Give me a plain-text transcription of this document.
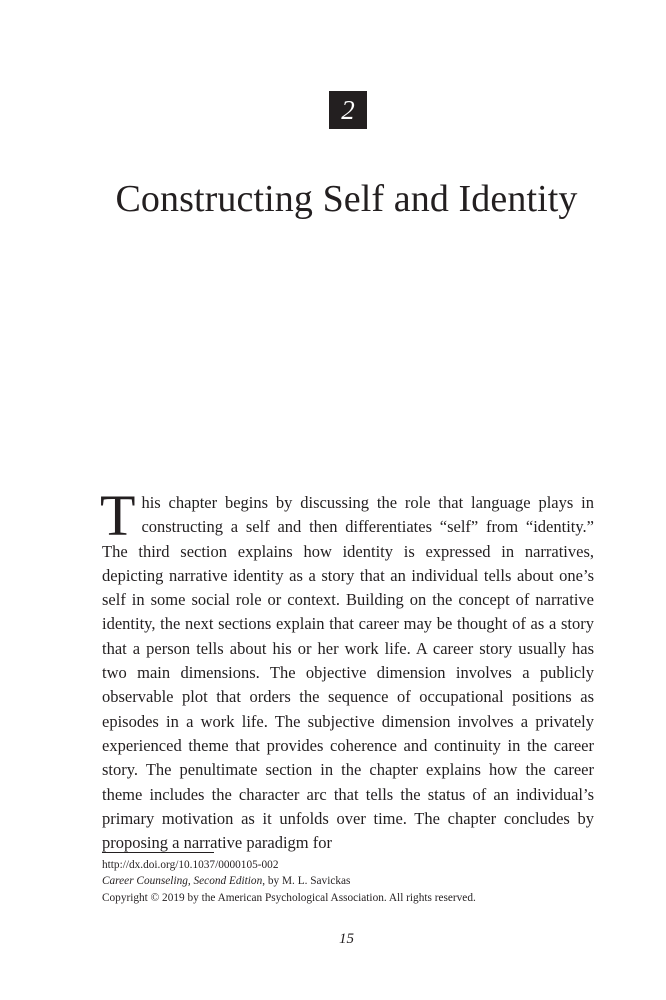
2
Constructing Self and Identity

This chapter begins by discussing the role that language plays in constructing a self and then differentiates “self” from “identity.” The third section explains how identity is expressed in narratives, depicting narrative identity as a story that an individual tells about one’s self in some social role or context. Building on the concept of narrative identity, the next sections explain that career may be thought of as a story that a person tells about his or her work life. A career story usually has two main dimensions. The objective dimension involves a publicly observable plot that orders the sequence of occupational positions as episodes in a work life. The subjective dimension involves a privately experienced theme that provides coherence and continuity in the career story. The penultimate section in the chapter explains how the career theme includes the character arc that tells the status of an individual’s primary motivation as it unfolds over time. The chapter concludes by proposing a narrative paradigm for

http://dx.doi.org/10.1037/0000105-002
Career Counseling, Second Edition, by M. L. Savickas
Copyright © 2019 by the American Psychological Association. All rights reserved.
15
